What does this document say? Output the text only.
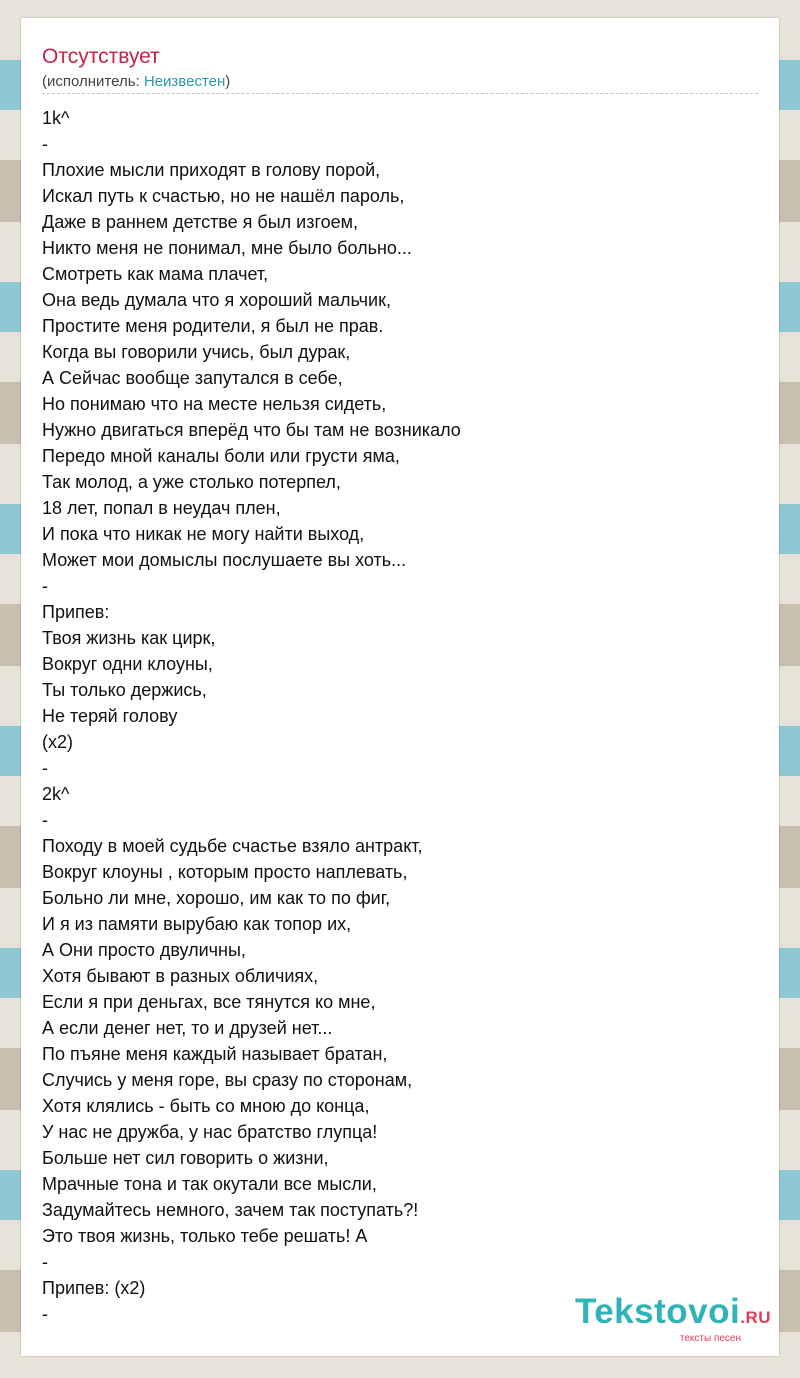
Отсутствует
(исполнитель: Неизвестен)
1k^
-
Плохие мысли приходят в голову порой,
Искал путь к счастью, но не нашёл пароль,
Даже в раннем детстве я был изгоем,
Никто меня не понимал, мне было больно...
Смотреть как мама плачет,
Она ведь думала что я хороший мальчик,
Простите меня родители, я был не прав.
Когда вы говорили учись, был дурак,
А Сейчас вообще запутался в себе,
Но понимаю что на месте нельзя сидеть,
Нужно двигаться вперёд что бы там не возникало
Передо мной каналы боли или грусти яма,
Так молод, а уже столько потерпел,
18 лет, попал в неудач плен,
И пока что никак не могу найти выход,
Может мои домыслы послушаете вы хоть...
-
Припев:
Твоя жизнь как цирк,
Вокруг одни клоуны,
Ты только держись,
Не теряй голову
(x2)
-
2k^
-
Походу в моей судьбе счастье взяло антракт,
Вокруг клоуны , которым просто наплевать,
Больно ли мне, хорошо, им как то по фиг,
И я из памяти вырубаю как топор их,
А Они просто двуличны,
Хотя бывают в разных обличиях,
Если я при деньгах, все тянутся ко мне,
А если денег нет, то и друзей нет...
По пъяне меня каждый называет братан,
Случись у меня горе, вы сразу по сторонам,
Хотя клялись - быть со мною до конца,
У нас не дружба, у нас братство глупца!
Больше нет сил говорить о жизни,
Мрачные тона и так окутали все мысли,
Задумайтесь немного, зачем так поступать?!
Это твоя жизнь, только тебе решать! А
-
Припев: (x2)
-	Tekstovoi.RU
тексты песен
